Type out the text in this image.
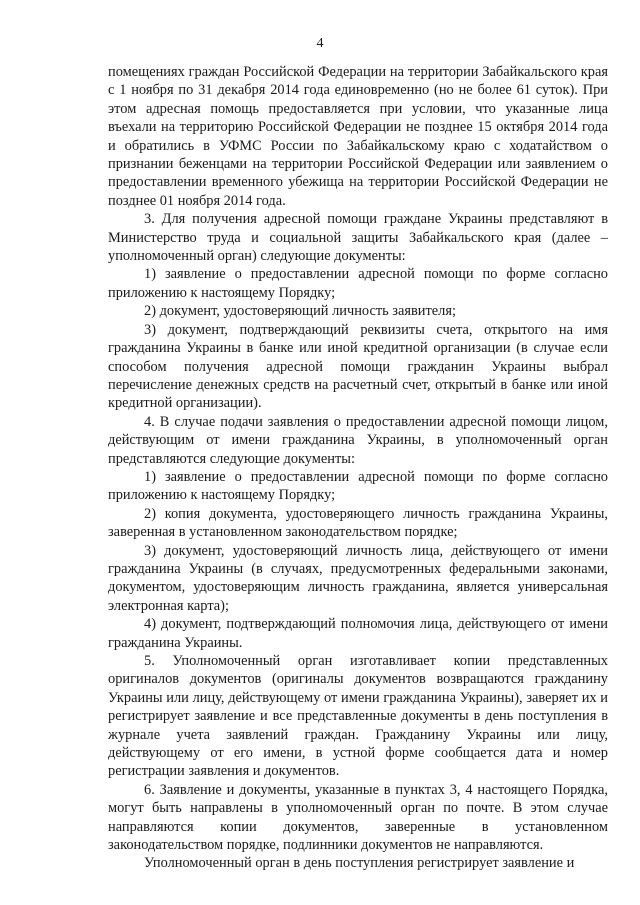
4

помещениях граждан Российской Федерации на территории Забайкальского края с 1 ноября по 31 декабря 2014 года единовременно (но не более 61 суток). При этом адресная помощь предоставляется при условии, что указанные лица въехали на территорию Российской Федерации не позднее 15 октября 2014 года и обратились в УФМС России по Забайкальскому краю с ходатайством о признании беженцами на территории Российской Федерации или заявлением о предоставлении временного убежища на территории Российской Федерации не позднее 01 ноября 2014 года.

3. Для получения адресной помощи граждане Украины представляют в Министерство труда и социальной защиты Забайкальского края (далее – уполномоченный орган) следующие документы:

1) заявление о предоставлении адресной помощи по форме согласно приложению к настоящему Порядку;

2) документ, удостоверяющий личность заявителя;

3) документ, подтверждающий реквизиты счета, открытого на имя гражданина Украины в банке или иной кредитной организации (в случае если способом получения адресной помощи гражданин Украины выбрал перечисление денежных средств на расчетный счет, открытый в банке или иной кредитной организации).

4. В случае подачи заявления о предоставлении адресной помощи лицом, действующим от имени гражданина Украины, в уполномоченный орган представляются следующие документы:

1) заявление о предоставлении адресной помощи по форме согласно приложению к настоящему Порядку;

2) копия документа, удостоверяющего личность гражданина Украины, заверенная в установленном законодательством порядке;

3) документ, удостоверяющий личность лица, действующего от имени гражданина Украины (в случаях, предусмотренных федеральными законами, документом, удостоверяющим личность гражданина, является универсальная электронная карта);

4) документ, подтверждающий полномочия лица, действующего от имени гражданина Украины.

5. Уполномоченный орган изготавливает копии представленных оригиналов документов (оригиналы документов возвращаются гражданину Украины или лицу, действующему от имени гражданина Украины), заверяет их и регистрирует заявление и все представленные документы в день поступления в журнале учета заявлений граждан. Гражданину Украины или лицу, действующему от его имени, в устной форме сообщается дата и номер регистрации заявления и документов.

6. Заявление и документы, указанные в пунктах 3, 4 настоящего Порядка, могут быть направлены в уполномоченный орган по почте. В этом случае направляются копии документов, заверенные в установленном законодательством порядке, подлинники документов не направляются.

Уполномоченный орган в день поступления регистрирует заявление и
